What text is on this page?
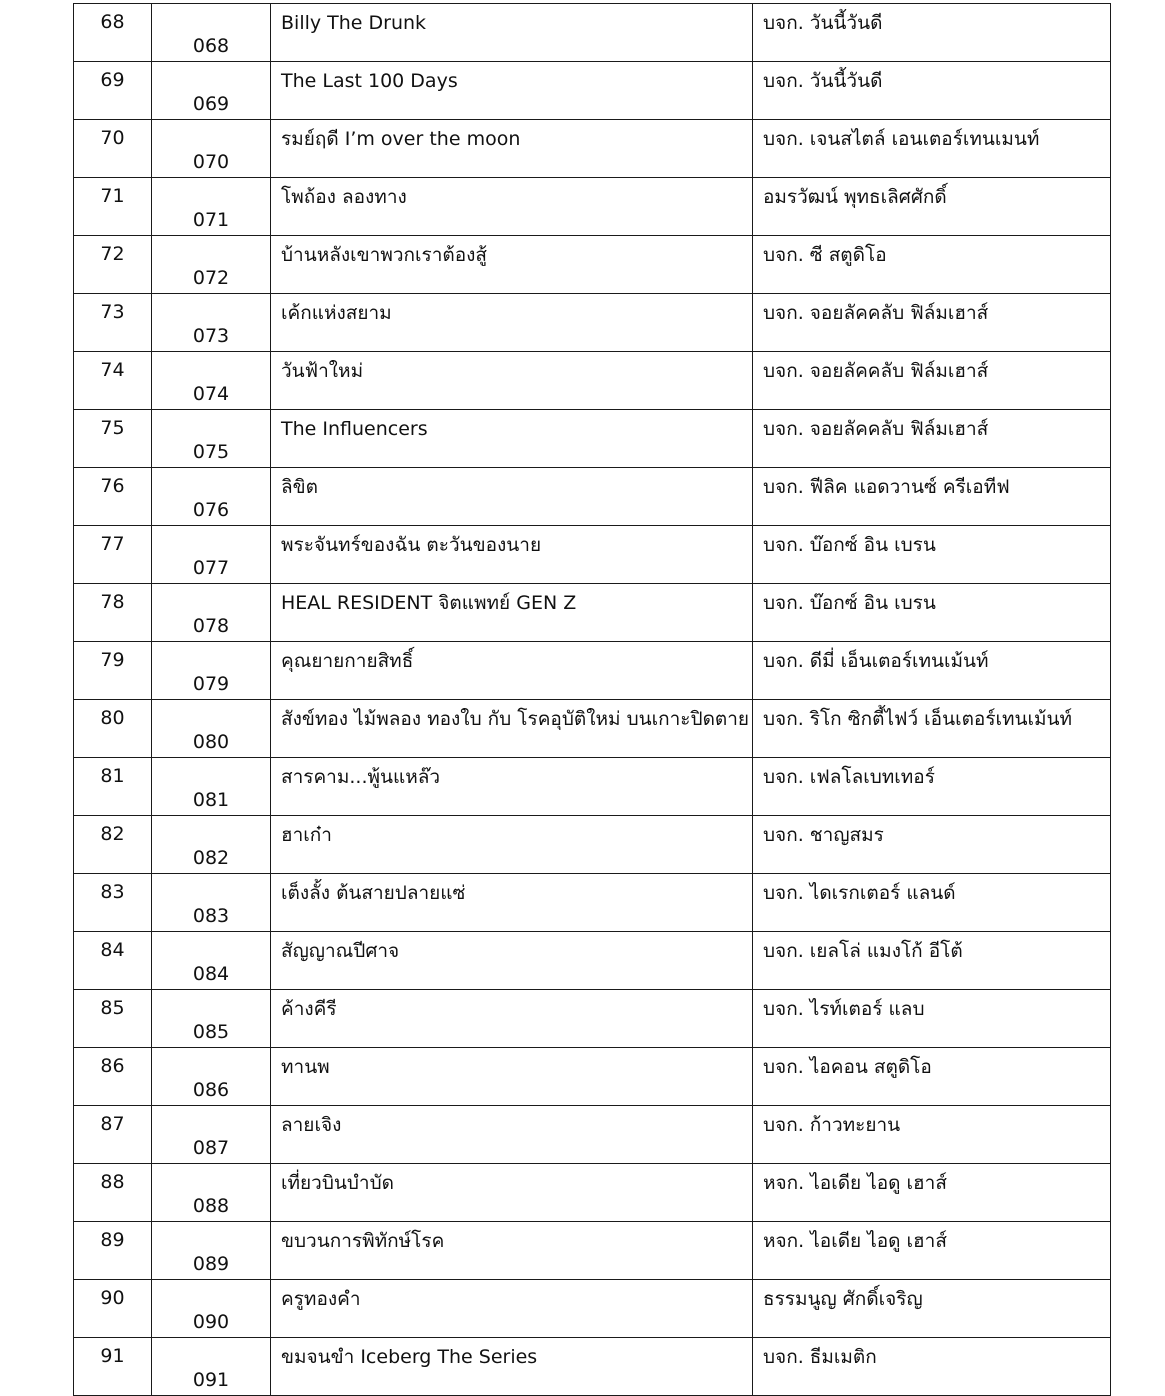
68	068	Billy The Drunk	บจก. วันนี้วันดี
69	069	The Last 100 Days	บจก. วันนี้วันดี
70	070	รมย์ฤดี I’m over the moon	บจก. เจนสไตล์ เอนเตอร์เทนเมนท์
71	071	โพถ้อง ลองทาง	อมรวัฒน์ พุทธเลิศศักดิ์
72	072	บ้านหลังเขาพวกเราต้องสู้	บจก. ซี สตูดิโอ
73	073	เค้กแห่งสยาม	บจก. จอยลัคคลับ ฟิล์มเฮาส์
74	074	วันฟ้าใหม่	บจก. จอยลัคคลับ ฟิล์มเฮาส์
75	075	The Influencers	บจก. จอยลัคคลับ ฟิล์มเฮาส์
76	076	ลิขิต	บจก. ฟีลิค แอดวานซ์ ครีเอทีฟ
77	077	พระจันทร์ของฉัน ตะวันของนาย	บจก. บ๊อกซ์ อิน เบรน
78	078	HEAL RESIDENT จิตแพทย์ GEN Z	บจก. บ๊อกซ์ อิน เบรน
79	079	คุณยายกายสิทธิ์	บจก. ดีมี่ เอ็นเตอร์เทนเม้นท์
80	080	สังข์ทอง ไม้พลอง ทองใบ กับ โรคอุบัติใหม่ บนเกาะปิดตาย	บจก. ริโก ซิกตี้ไฟว์ เอ็นเตอร์เทนเม้นท์
81	081	สารคาม...พู้นแหล๊ว	บจก. เฟลโลเบทเทอร์
82	082	ฮาเก๋า	บจก. ชาญสมร
83	083	เต็งลั้ง ต้นสายปลายแซ่	บจก. ไดเรกเตอร์ แลนด์
84	084	สัญญาณปีศาจ	บจก. เยลโล่ แมงโก้ อีโต้
85	085	ค้างคีรี	บจก. ไรท์เตอร์ แลบ
86	086	ทานพ	บจก. ไอคอน สตูดิโอ
87	087	ลายเจิง	บจก. ก้าวทะยาน
88	088	เที่ยวบินบำบัด	หจก. ไอเดีย ไอดู เฮาส์
89	089	ขบวนการพิทักษ์โรค	หจก. ไอเดีย ไอดู เฮาส์
90	090	ครูทองคำ	ธรรมนูญ ศักดิ์เจริญ
91	091	ขมจนขำ Iceberg The Series	บจก. ธีมเมติก
